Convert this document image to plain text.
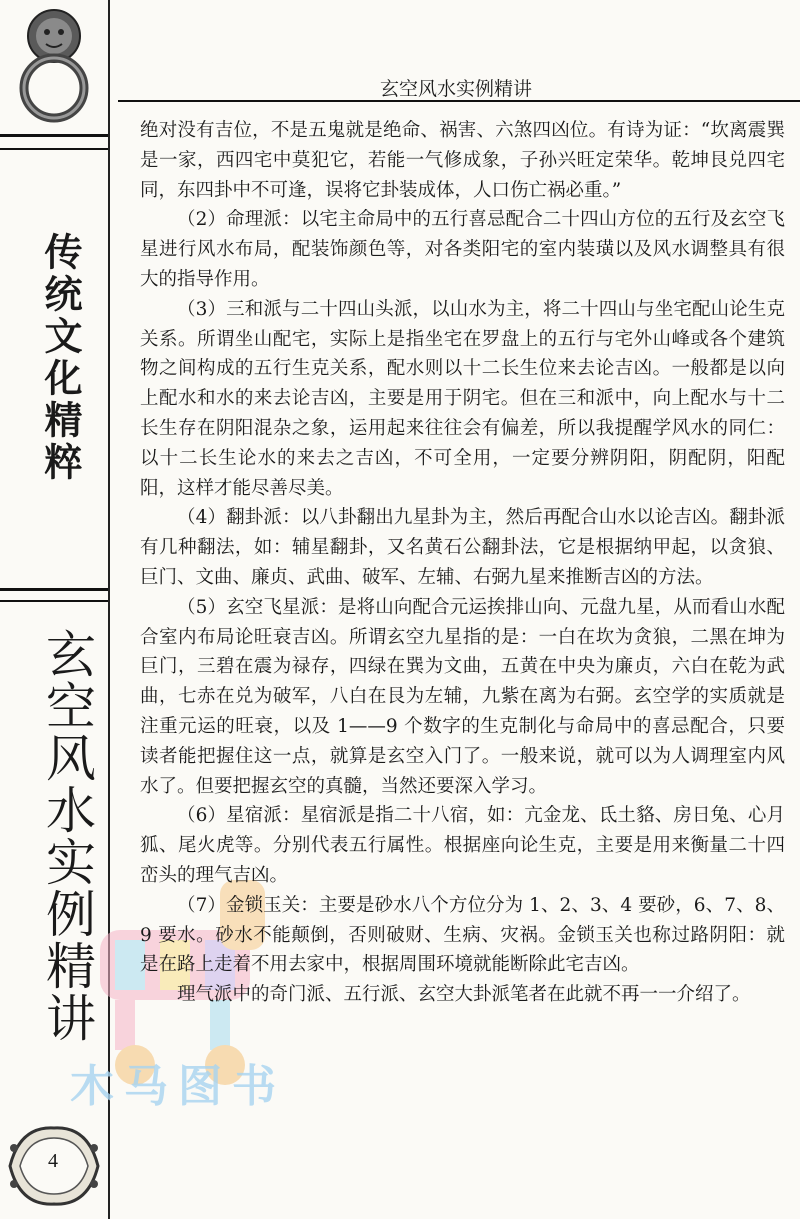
传统文化精粹
玄空风水实例精讲
4
玄空风水实例精讲
木马图书

绝对没有吉位，不是五鬼就是绝命、祸害、六煞四凶位。有诗为证：“坎离震巽是一家，西四宅中莫犯它，若能一气修成象，子孙兴旺定荣华。乾坤艮兑四宅同，东四卦中不可逢，误将它卦装成体，人口伤亡祸必重。”

（2）命理派：以宅主命局中的五行喜忌配合二十四山方位的五行及玄空飞星进行风水布局，配装饰颜色等，对各类阳宅的室内装璜以及风水调整具有很大的指导作用。

（3）三和派与二十四山头派，以山水为主，将二十四山与坐宅配山论生克关系。所谓坐山配宅，实际上是指坐宅在罗盘上的五行与宅外山峰或各个建筑物之间构成的五行生克关系，配水则以十二长生位来去论吉凶。一般都是以向上配水和水的来去论吉凶，主要是用于阴宅。但在三和派中，向上配水与十二长生存在阴阳混杂之象，运用起来往往会有偏差，所以我提醒学风水的同仁：以十二长生论水的来去之吉凶，不可全用，一定要分辨阴阳，阴配阴，阳配阳，这样才能尽善尽美。

（4）翻卦派：以八卦翻出九星卦为主，然后再配合山水以论吉凶。翻卦派有几种翻法，如：辅星翻卦，又名黄石公翻卦法，它是根据纳甲起，以贪狼、巨门、文曲、廉贞、武曲、破军、左辅、右弼九星来推断吉凶的方法。

（5）玄空飞星派：是将山向配合元运挨排山向、元盘九星，从而看山水配合室内布局论旺衰吉凶。所谓玄空九星指的是：一白在坎为贪狼，二黑在坤为巨门，三碧在震为禄存，四绿在巽为文曲，五黄在中央为廉贞，六白在乾为武曲，七赤在兑为破军，八白在艮为左辅，九紫在离为右弼。玄空学的实质就是注重元运的旺衰，以及 1——9 个数字的生克制化与命局中的喜忌配合，只要读者能把握住这一点，就算是玄空入门了。一般来说，就可以为人调理室内风水了。但要把握玄空的真髓，当然还要深入学习。

（6）星宿派：星宿派是指二十八宿，如：亢金龙、氐土貉、房日兔、心月狐、尾火虎等。分别代表五行属性。根据座向论生克，主要是用来衡量二十四峦头的理气吉凶。

（7）金锁玉关：主要是砂水八个方位分为 1、2、3、4 要砂，6、7、8、9 要水。砂水不能颠倒，否则破财、生病、灾祸。金锁玉关也称过路阴阳：就是在路上走着不用去家中，根据周围环境就能断除此宅吉凶。

理气派中的奇门派、五行派、玄空大卦派笔者在此就不再一一介绍了。
